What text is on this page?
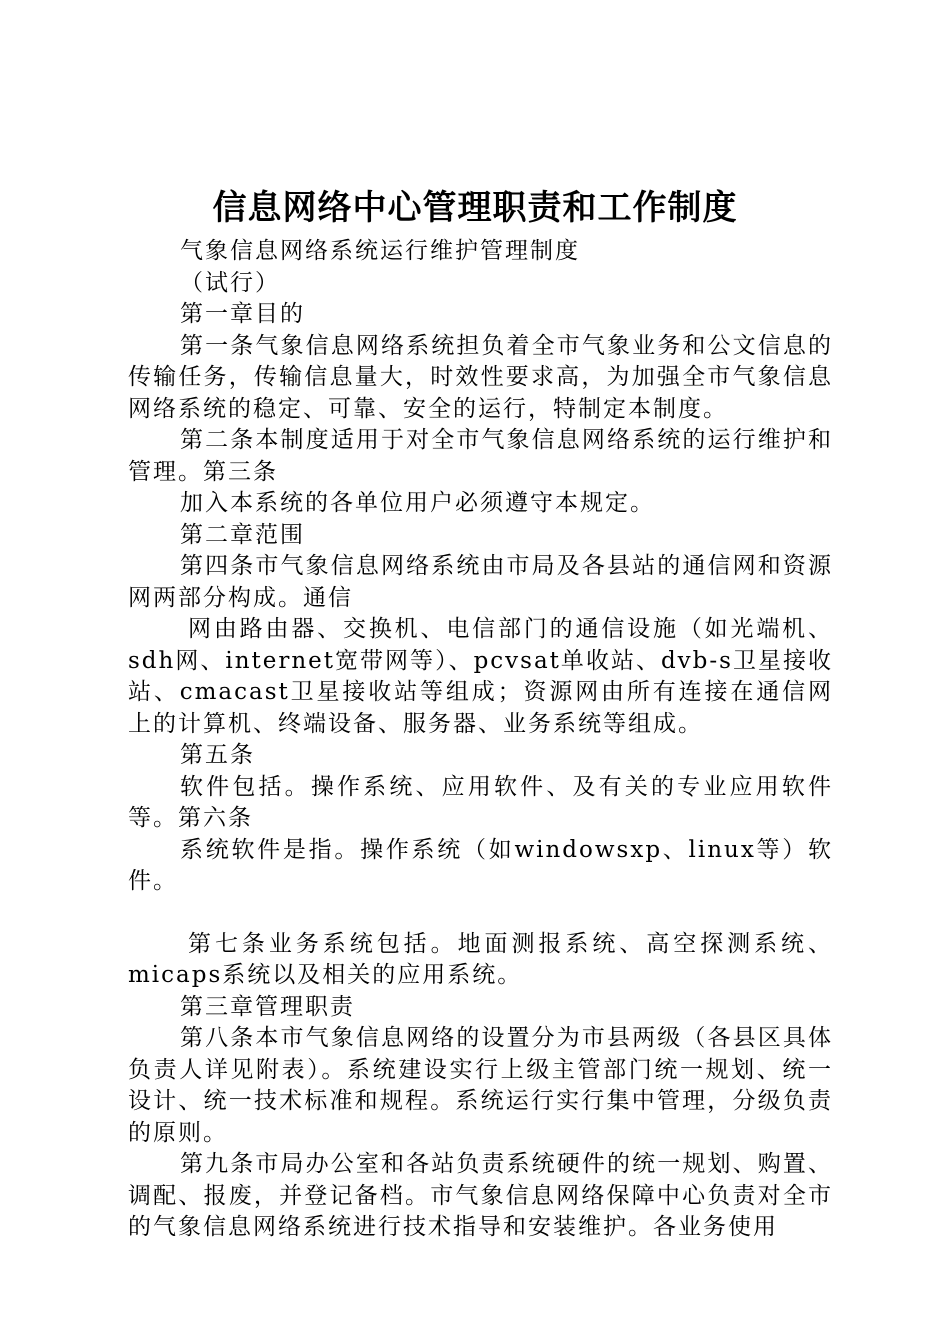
信息网络中心管理职责和工作制度

气象信息网络系统运行维护管理制度

（试行）

第一章目的

第一条气象信息网络系统担负着全市气象业务和公文信息的传输任务，传输信息量大，时效性要求高，为加强全市气象信息网络系统的稳定、可靠、安全的运行，特制定本制度。

第二条本制度适用于对全市气象信息网络系统的运行维护和管理。第三条

加入本系统的各单位用户必须遵守本规定。

第二章范围

第四条市气象信息网络系统由市局及各县站的通信网和资源网两部分构成。通信

网由路由器、交换机、电信部门的通信设施（如光端机、sdh网、internet宽带网等）、pcvsat单收站、dvb-s卫星接收站、cmacast卫星接收站等组成；资源网由所有连接在通信网上的计算机、终端设备、服务器、业务系统等组成。

第五条

软件包括。操作系统、应用软件、及有关的专业应用软件等。第六条

系统软件是指。操作系统（如windowsxp、linux等）软件。

第七条业务系统包括。地面测报系统、高空探测系统、micaps系统以及相关的应用系统。

第三章管理职责

第八条本市气象信息网络的设置分为市县两级（各县区具体负责人详见附表）。系统建设实行上级主管部门统一规划、统一设计、统一技术标准和规程。系统运行实行集中管理，分级负责的原则。

第九条市局办公室和各站负责系统硬件的统一规划、购置、调配、报废，并登记备档。市气象信息网络保障中心负责对全市的气象信息网络系统进行技术指导和安装维护。各业务使用
